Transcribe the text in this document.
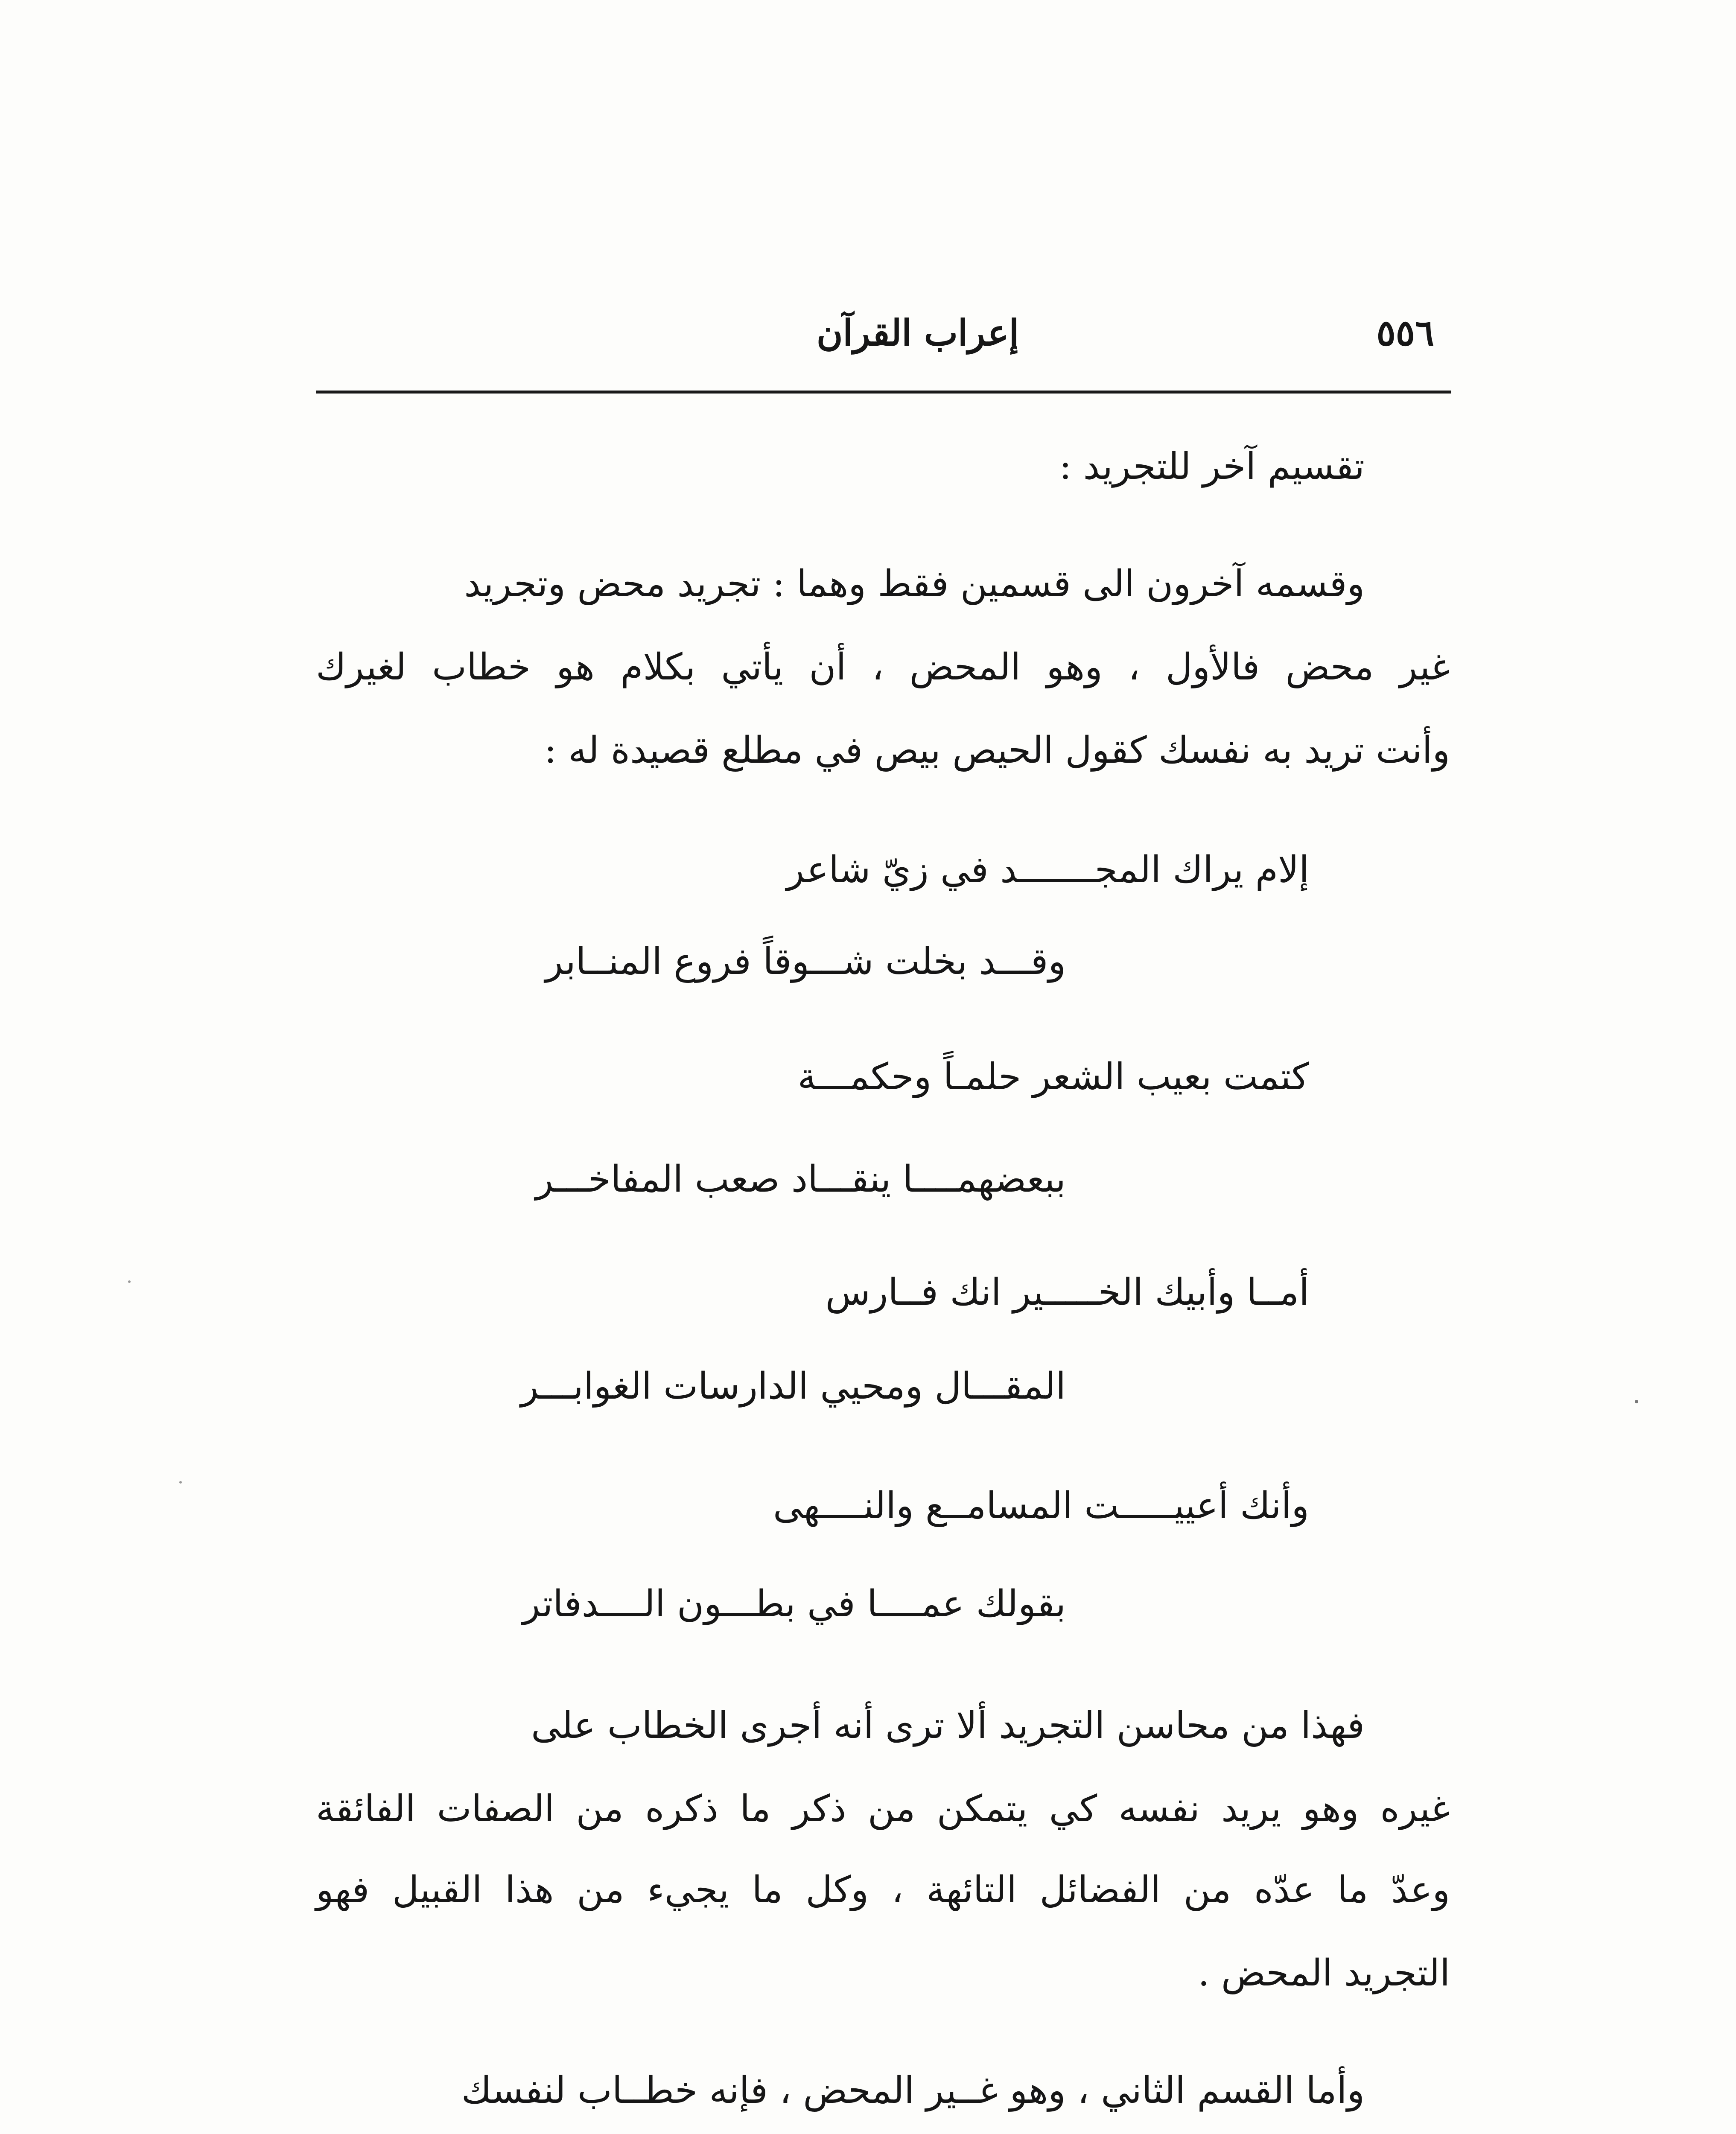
٥٥٦
إعراب القرآن
تقسيم آخر للتجريد :
وقسمه آخرون الى قسمين فقط وهما : تجريد محض وتجريد
غير محض فالأول ، وهو المحض ، أن يأتي بكلام هو خطاب لغيرك
وأنت تريد به نفسك كقول الحيص بيص في مطلع قصيدة له :
إلام يراك المجـــــــد في زيّ شاعر
وقـــد بخلت شـــوقاً فروع المنــابر
كتمت بعيب الشعر حلمـاً وحكمـــة
ببعضهمــــا ينقـــاد صعب المفاخـــر
أمــا وأبيك الخـــــير انك فــارس
المقـــال ومحيي الدارسات الغوابـــر
وأنك أعييـــــت المسامــع والنــــهى
بقولك عمــــا في بطـــون الــــدفاتر
فهذا من محاسن التجريد ألا ترى أنه أجرى الخطاب على
غيره وهو يريد نفسه كي يتمكن من ذكر ما ذكره من الصفات الفائقة
وعدّ ما عدّه من الفضائل التائهة ، وكل ما يجيء من هذا القبيل فهو
التجريد المحض .
وأما القسم الثاني ، وهو غــير المحض ، فإنه خطــاب لنفسك
